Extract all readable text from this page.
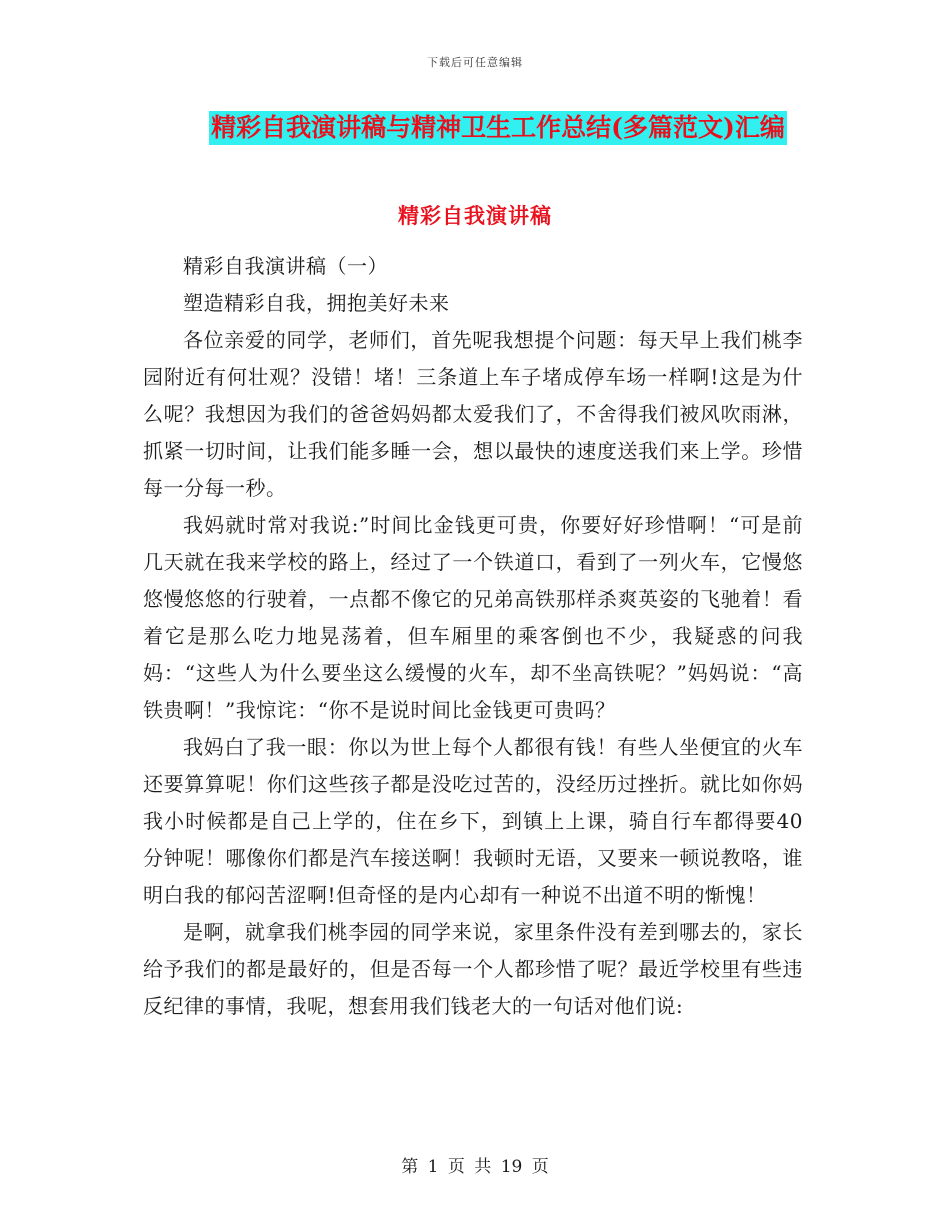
下载后可任意编辑
精彩自我演讲稿与精神卫生工作总结(多篇范文)汇编
精彩自我演讲稿

精彩自我演讲稿（一）

塑造精彩自我，拥抱美好未来

各位亲爱的同学，老师们，首先呢我想提个问题：每天早上我们桃李园附近有何壮观？没错！堵！三条道上车子堵成停车场一样啊!这是为什么呢？我想因为我们的爸爸妈妈都太爱我们了，不舍得我们被风吹雨淋，抓紧一切时间，让我们能多睡一会，想以最快的速度送我们来上学。珍惜每一分每一秒。

我妈就时常对我说:”时间比金钱更可贵，你要好好珍惜啊！“可是前几天就在我来学校的路上，经过了一个铁道口，看到了一列火车，它慢悠悠慢悠悠的行驶着，一点都不像它的兄弟高铁那样杀爽英姿的飞驰着！看着它是那么吃力地晃荡着，但车厢里的乘客倒也不少，我疑惑的问我妈：“这些人为什么要坐这么缓慢的火车，却不坐高铁呢？”妈妈说：“高铁贵啊！”我惊诧：“你不是说时间比金钱更可贵吗？

我妈白了我一眼：你以为世上每个人都很有钱！有些人坐便宜的火车还要算算呢！你们这些孩子都是没吃过苦的，没经历过挫折。就比如你妈我小时候都是自己上学的，住在乡下，到镇上上课，骑自行车都得要40分钟呢！哪像你们都是汽车接送啊！我顿时无语，又要来一顿说教咯，谁明白我的郁闷苦涩啊!但奇怪的是内心却有一种说不出道不明的惭愧！

是啊，就拿我们桃李园的同学来说，家里条件没有差到哪去的，家长给予我们的都是最好的，但是否每一个人都珍惜了呢？最近学校里有些违反纪律的事情，我呢，想套用我们钱老大的一句话对他们说:

第 1 页 共 19 页
